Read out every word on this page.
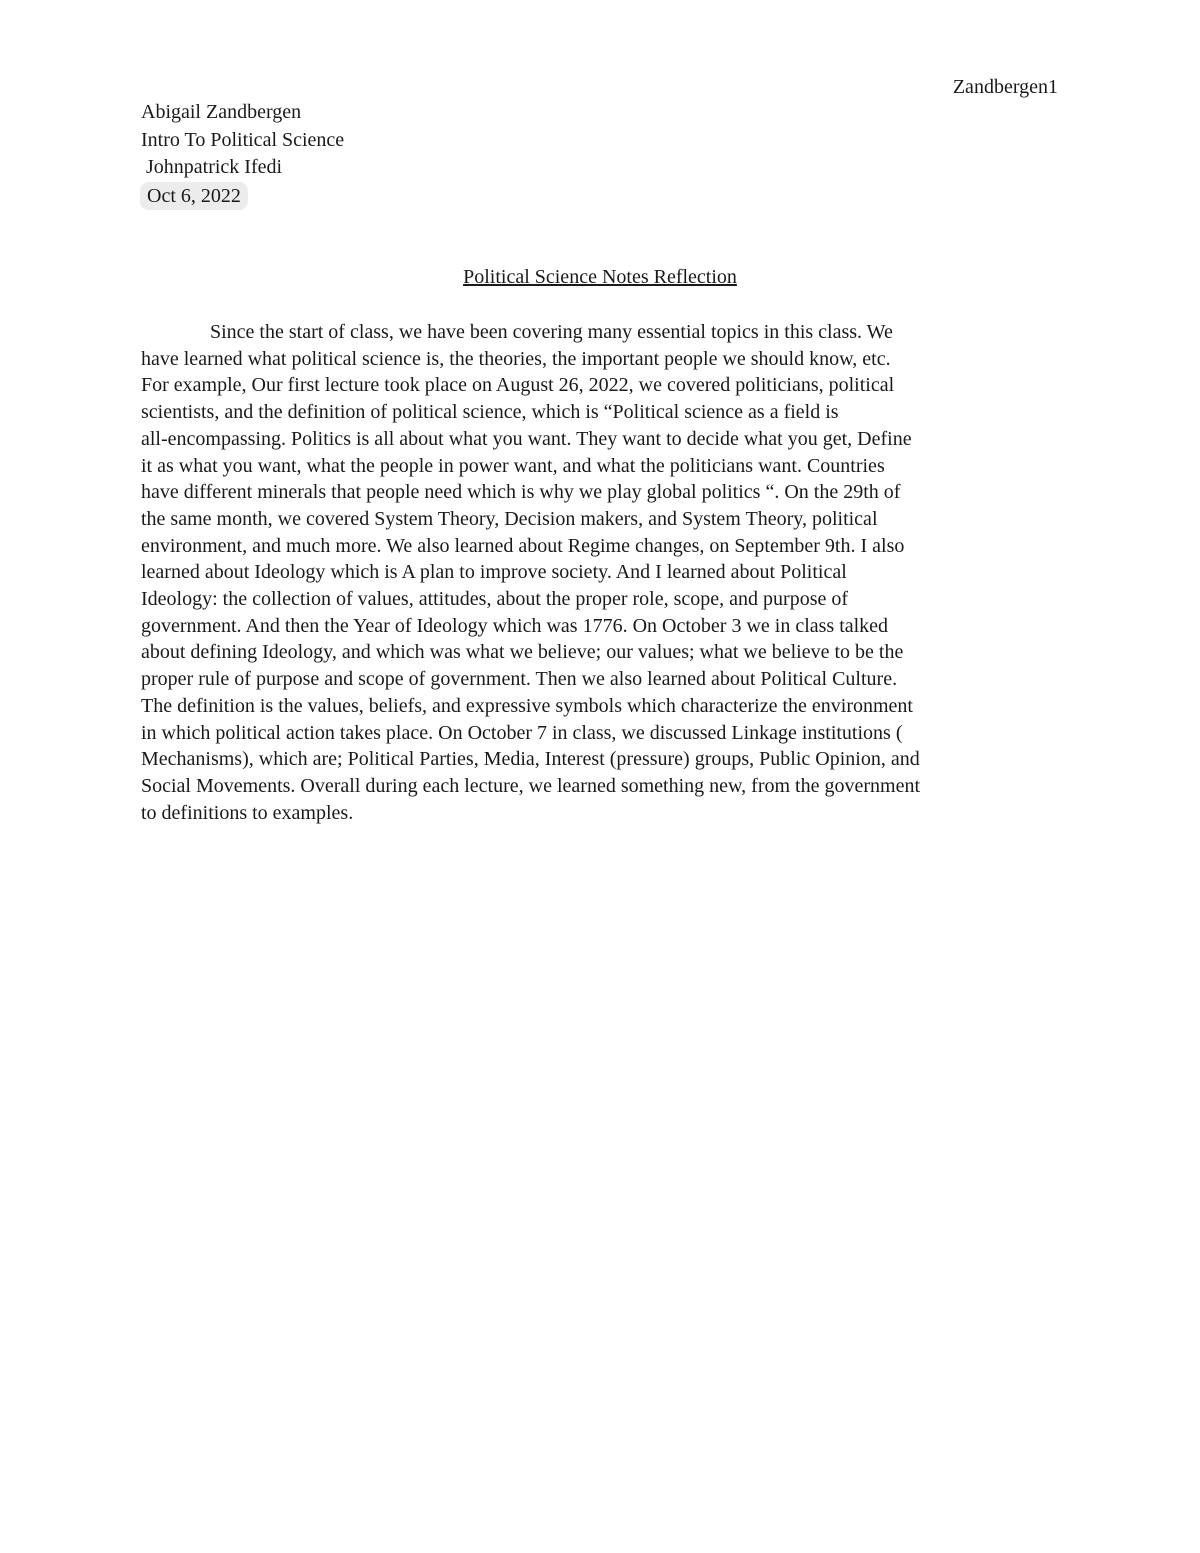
Zandbergen1
Abigail Zandbergen
Intro To Political Science
Johnpatrick Ifedi
Oct 6, 2022
Political Science Notes Reflection
Since the start of class, we have been covering many essential topics in this class. We
have learned what political science is, the theories, the important people we should know, etc.
For example, Our first lecture took place on August 26, 2022, we covered politicians, political
scientists, and the definition of political science, which is “Political science as a field is
all-encompassing. Politics is all about what you want. They want to decide what you get, Define
it as what you want, what the people in power want, and what the politicians want. Countries
have different minerals that people need which is why we play global politics “. On the 29th of
the same month, we covered System Theory, Decision makers, and System Theory, political
environment, and much more. We also learned about Regime changes, on September 9th. I also
learned about Ideology which is A plan to improve society. And I learned about Political
Ideology: the collection of values, attitudes, about the proper role, scope, and purpose of
government. And then the Year of Ideology which was 1776. On October 3 we in class talked
about defining Ideology, and which was what we believe; our values; what we believe to be the
proper rule of purpose and scope of government. Then we also learned about Political Culture.
The definition is the values, beliefs, and expressive symbols which characterize the environment
in which political action takes place. On October 7 in class, we discussed Linkage institutions (
Mechanisms), which are; Political Parties, Media, Interest (pressure) groups, Public Opinion, and
Social Movements. Overall during each lecture, we learned something new, from the government
to definitions to examples.
